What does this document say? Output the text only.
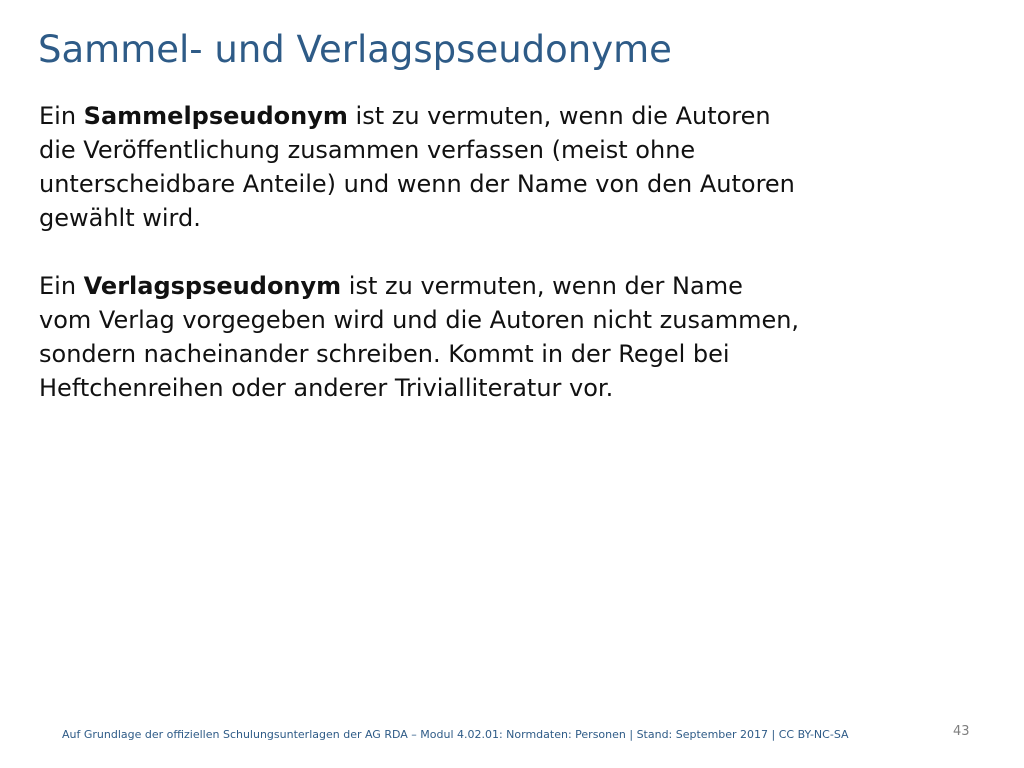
Sammel- und Verlagspseudonyme

Ein Sammelpseudonym ist zu vermuten, wenn die Autoren
die Veröffentlichung zusammen verfassen (meist ohne
unterscheidbare Anteile) und wenn der Name von den Autoren
gewählt wird.

Ein Verlagspseudonym ist zu vermuten, wenn der Name
vom Verlag vorgegeben wird und die Autoren nicht zusammen,
sondern nacheinander schreiben. Kommt in der Regel bei
Heftchenreihen oder anderer Trivialliteratur vor.

Auf Grundlage der offiziellen Schulungsunterlagen der AG RDA – Modul 4.02.01: Normdaten: Personen | Stand: September 2017 | CC BY-NC-SA	43
